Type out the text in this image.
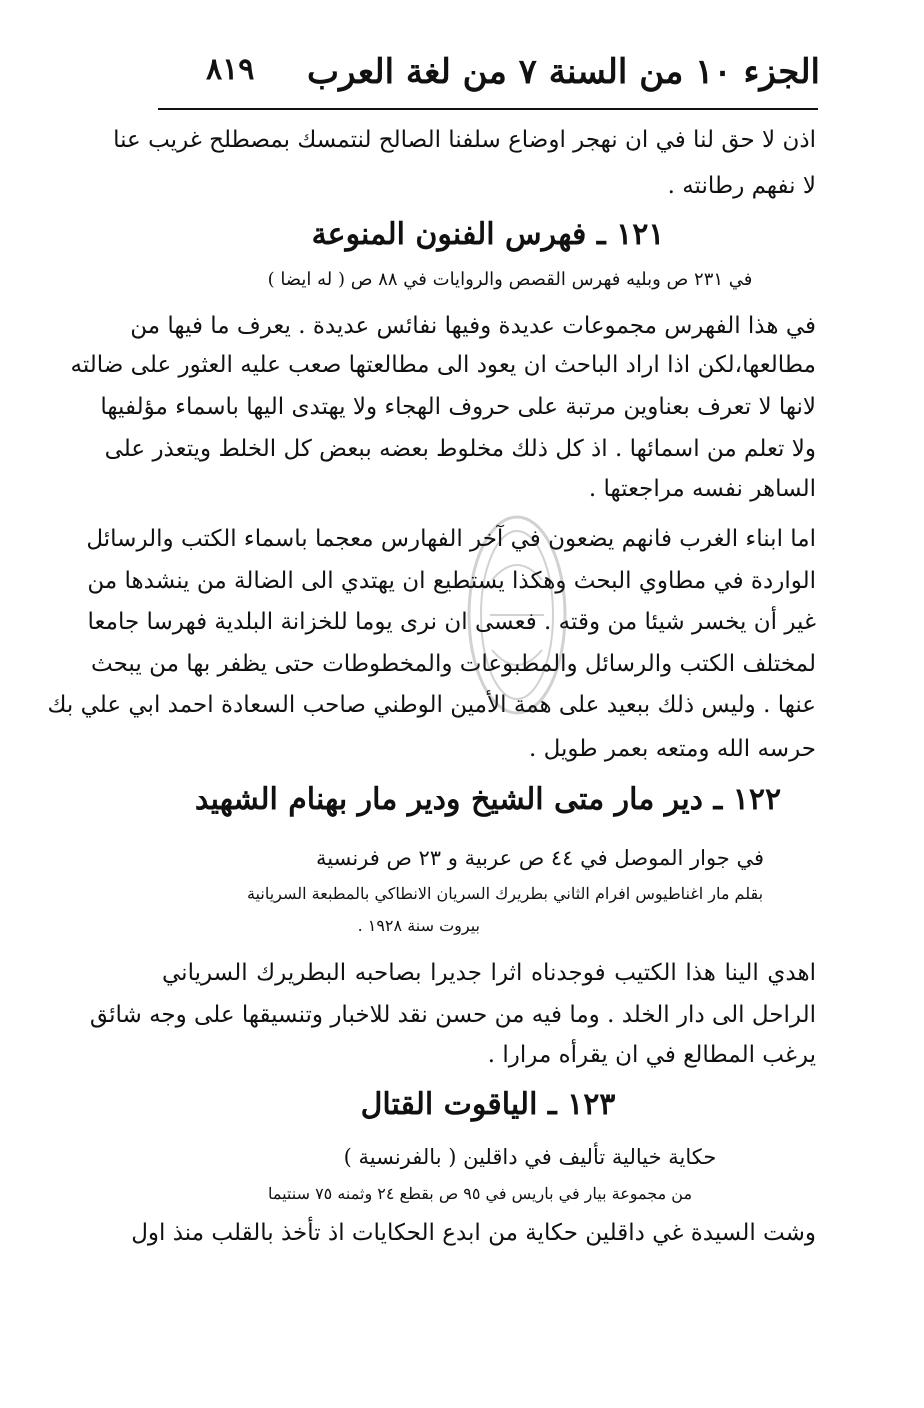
الجزء ١٠ من السنة ٧ من لغة العرب
٨١٩
اذن لا حق لنا في ان نهجر اوضاع سلفنا الصالح لنتمسك بمصطلح غريب عنا
لا نفهم رطانته .
١٢١ ـ فهرس الفنون المنوعة
في ٢٣١ ص وبليه فهرس القصص والروايات في ٨٨ ص ( له ايضا )
في هذا الفهرس مجموعات عديدة وفيها نفائس عديدة . يعرف ما فيها من
مطالعها،لكن اذا اراد الباحث ان يعود الى مطالعتها صعب عليه العثور على ضالته
لانها لا تعرف بعناوين مرتبة على حروف الهجاء ولا يهتدى اليها باسماء مؤلفيها
ولا تعلم من اسمائها . اذ كل ذلك مخلوط بعضه ببعض كل الخلط ويتعذر على
الساهر نفسه مراجعتها .
اما ابناء الغرب فانهم يضعون في آخر الفهارس معجما باسماء الكتب والرسائل
الواردة في مطاوي البحث وهكذا يستطيع ان يهتدي الى الضالة من ينشدها من
غير أن يخسر شيئا من وقته . فعسى ان نرى يوما للخزانة البلدية فهرسا جامعا
لمختلف الكتب والرسائل والمطبوعات والمخطوطات حتى يظفر بها من يبحث
عنها . وليس ذلك ببعيد على همة الأمين الوطني صاحب السعادة احمد ابي علي بك
حرسه الله ومتعه بعمر طويل .
١٢٢ ـ دير مار متى الشيخ ودير مار بهنام الشهيد
في جوار الموصل في ٤٤ ص عربية و ٢٣ ص فرنسية
بقلم مار اغناطيوس افرام الثاني بطريرك السريان الانطاكي بالمطبعة السريانية
بيروت سنة ١٩٢٨ .
اهدي الينا هذا الكتيب فوجدناه اثرا جديرا بصاحبه البطريرك السرياني
الراحل الى دار الخلد . وما فيه من حسن نقد للاخبار وتنسيقها على وجه شائق
يرغب المطالع في ان يقرأه مرارا .
١٢٣ ـ الياقوت القتال
حكاية خيالية تأليف في داقلين ( بالفرنسية )
من مجموعة بيار في باريس في ٩٥ ص بقطع ٢٤ وثمنه ٧٥ سنتيما
وشت السيدة غي داقلين حكاية من ابدع الحكايات اذ تأخذ بالقلب منذ اول
